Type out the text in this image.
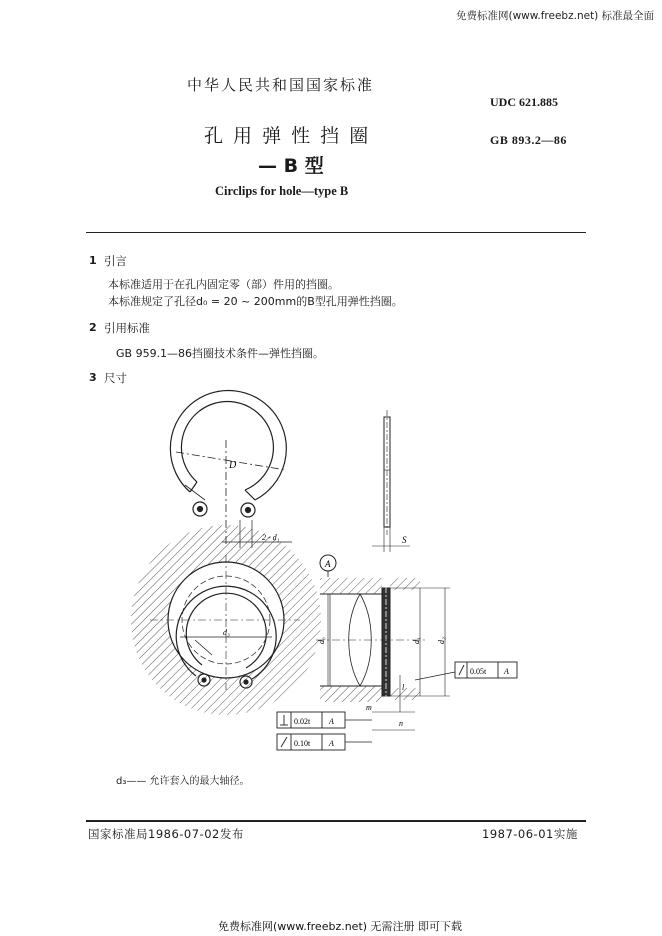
免费标准网(www.freebz.net) 标准最全面
中华人民共和国国家标准
UDC 621.885
孔 用 弹 性 挡 圈	GB 893.2—86
— B 型
Circlips for hole—type B
1 引言
本标准适用于在孔内固定零（部）件用的挡圈。
本标准规定了孔径d₀ = 20 ~ 200mm的B型孔用弹性挡圈。
2 引用标准
GB 959.1—86挡圈技术条件—弹性挡圈。
3 尺寸
D
2 - d₁	S
d₃
A
d₀	d₁ d₂
m
n
l
0.05t A
0.02t A
0.10t A
d₃—— 允许套入的最大轴径。
国家标准局1986-07-02发布	1987-06-01实施
免费标准网(www.freebz.net) 无需注册 即可下载
